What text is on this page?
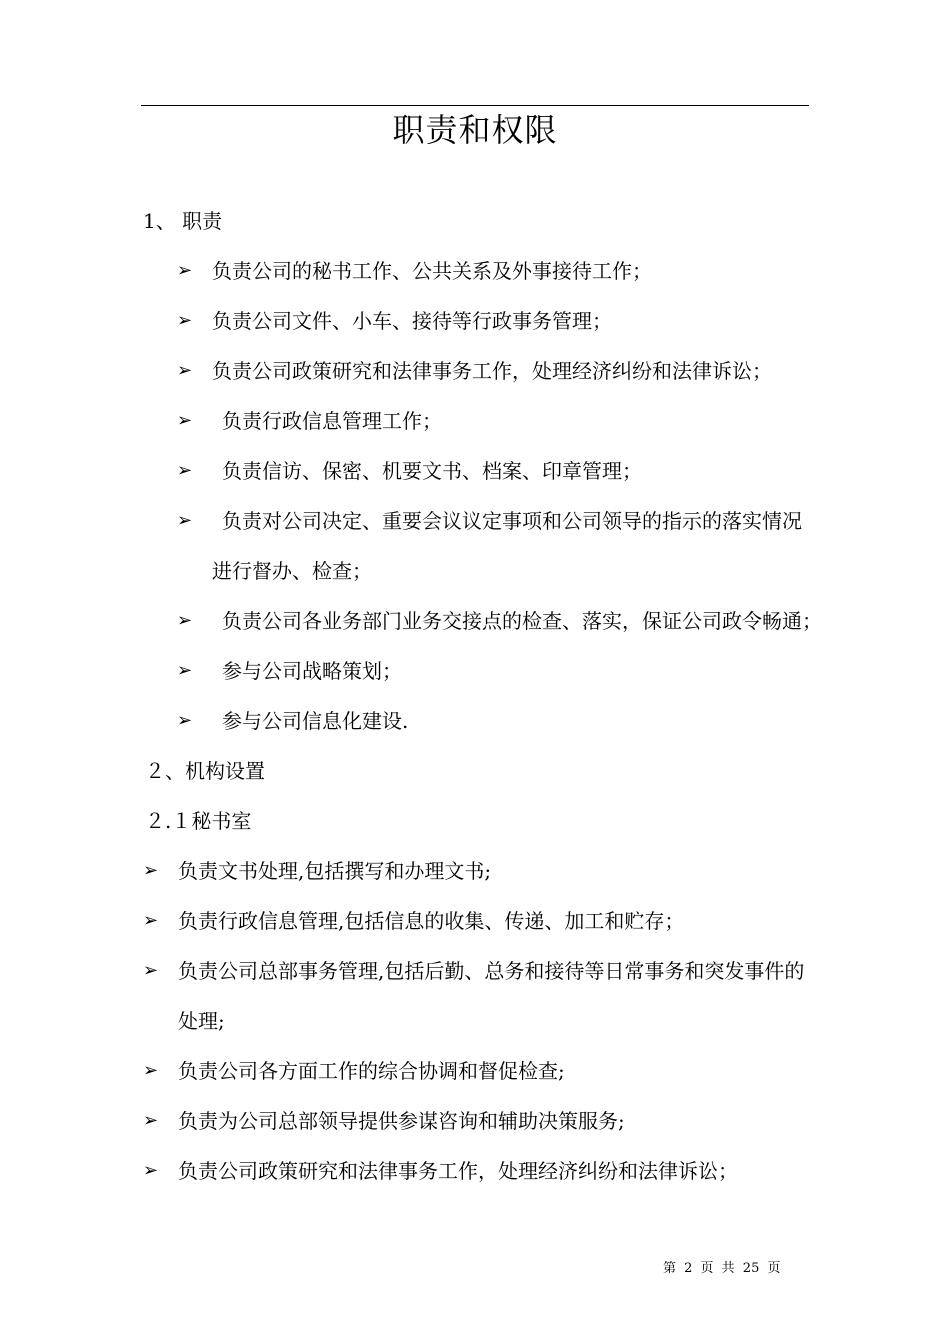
职责和权限
1、 职责
➢ 负责公司的秘书工作、公共关系及外事接待工作；
➢ 负责公司文件、小车、接待等行政事务管理；
➢ 负责公司政策研究和法律事务工作，处理经济纠纷和法律诉讼；
➢ 负责行政信息管理工作；
➢ 负责信访、保密、机要文书、档案、印章管理；
➢ 负责对公司决定、重要会议议定事项和公司领导的指示的落实情况
进行督办、检查；
➢ 负责公司各业务部门业务交接点的检查、落实，保证公司政令畅通；
➢ 参与公司战略策划；
➢ 参与公司信息化建设.
２、机构设置
２.１秘书室
➢ 负责文书处理,包括撰写和办理文书;
➢ 负责行政信息管理,包括信息的收集、传递、加工和贮存；
➢ 负责公司总部事务管理,包括后勤、总务和接待等日常事务和突发事件的
处理;
➢ 负责公司各方面工作的综合协调和督促检查;
➢ 负责为公司总部领导提供参谋咨询和辅助决策服务;
➢ 负责公司政策研究和法律事务工作，处理经济纠纷和法律诉讼；
第 2 页 共 25 页
